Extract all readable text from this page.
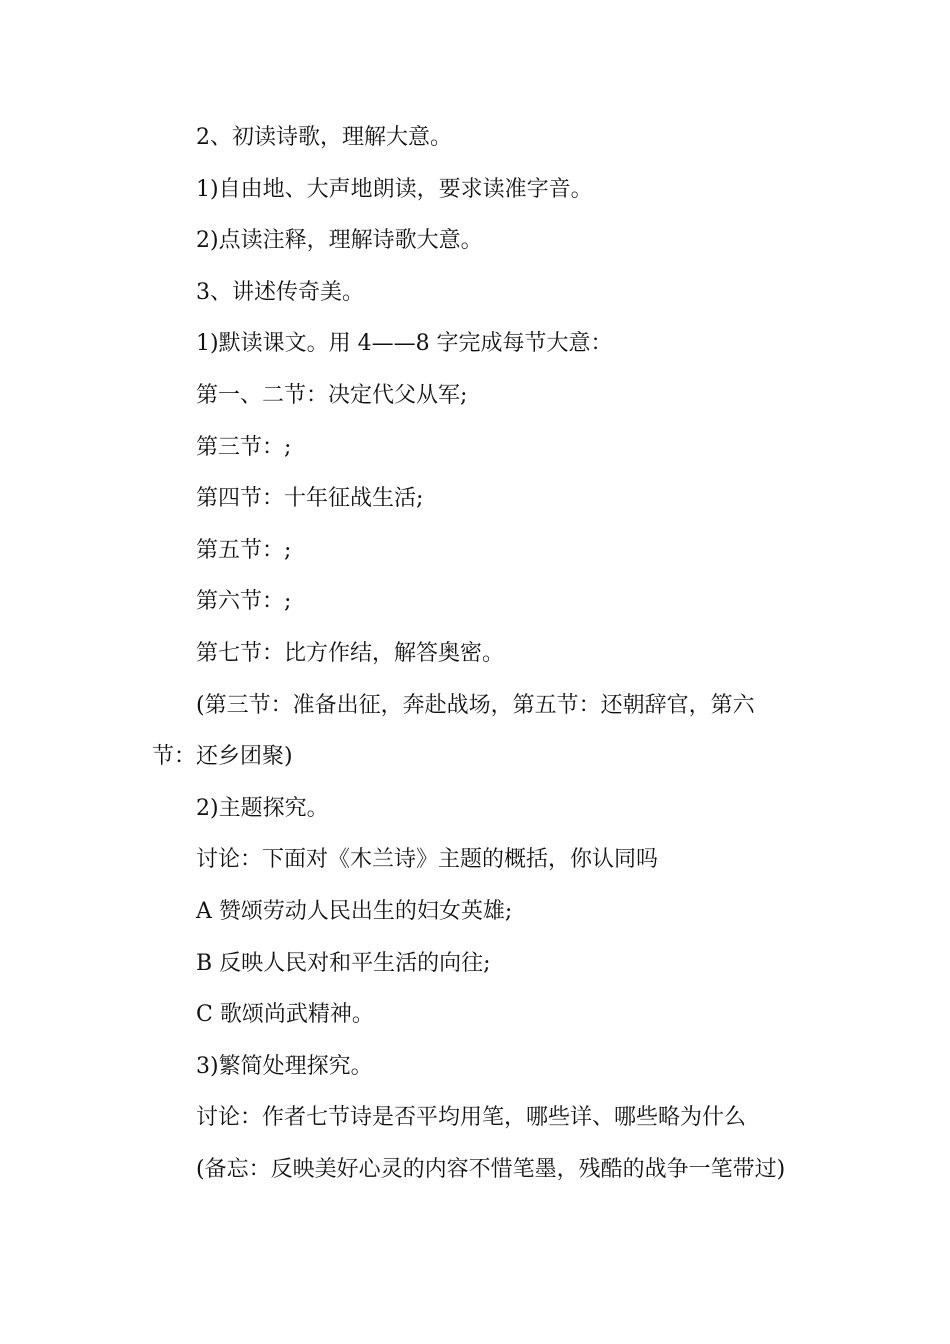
2、初读诗歌，理解大意。
1)自由地、大声地朗读，要求读准字音。
2)点读注释，理解诗歌大意。
3、讲述传奇美。
1)默读课文。用 4——8 字完成每节大意：
第一、二节：决定代父从军;
第三节：;
第四节：十年征战生活;
第五节：;
第六节：;
第七节：比方作结，解答奥密。
(第三节：准备出征，奔赴战场，第五节：还朝辞官，第六
节：还乡团聚)
2)主题探究。
讨论：下面对《木兰诗》主题的概括，你认同吗
A 赞颂劳动人民出生的妇女英雄;
B 反映人民对和平生活的向往;
C 歌颂尚武精神。
3)繁简处理探究。
讨论：作者七节诗是否平均用笔，哪些详、哪些略为什么
(备忘：反映美好心灵的内容不惜笔墨，残酷的战争一笔带过)
